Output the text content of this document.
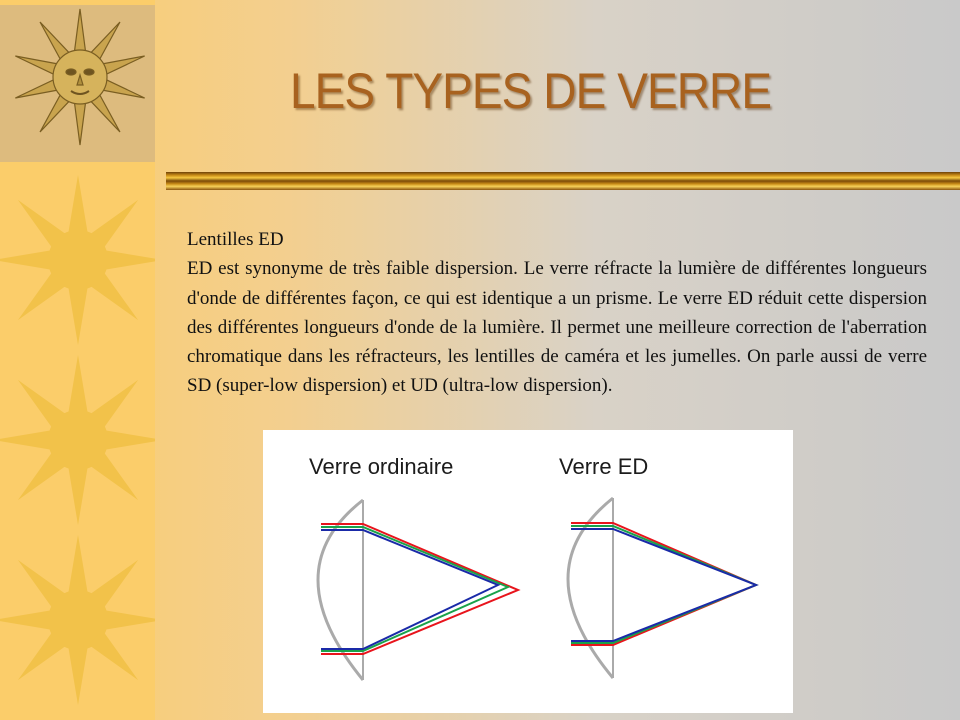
LES TYPES DE VERRE

Lentilles ED

ED est synonyme de très faible dispersion. Le verre réfracte la lumière de différentes longueurs d'onde de différentes façon, ce qui est identique a un prisme. Le verre ED réduit cette dispersion des différentes longueurs d'onde de la lumière. Il permet une meilleure correction de l'aberration chromatique dans les réfracteurs, les lentilles de caméra et les jumelles. On parle aussi de verre SD (super-low dispersion) et UD (ultra-low dispersion).

Verre ordinaire	Verre ED
